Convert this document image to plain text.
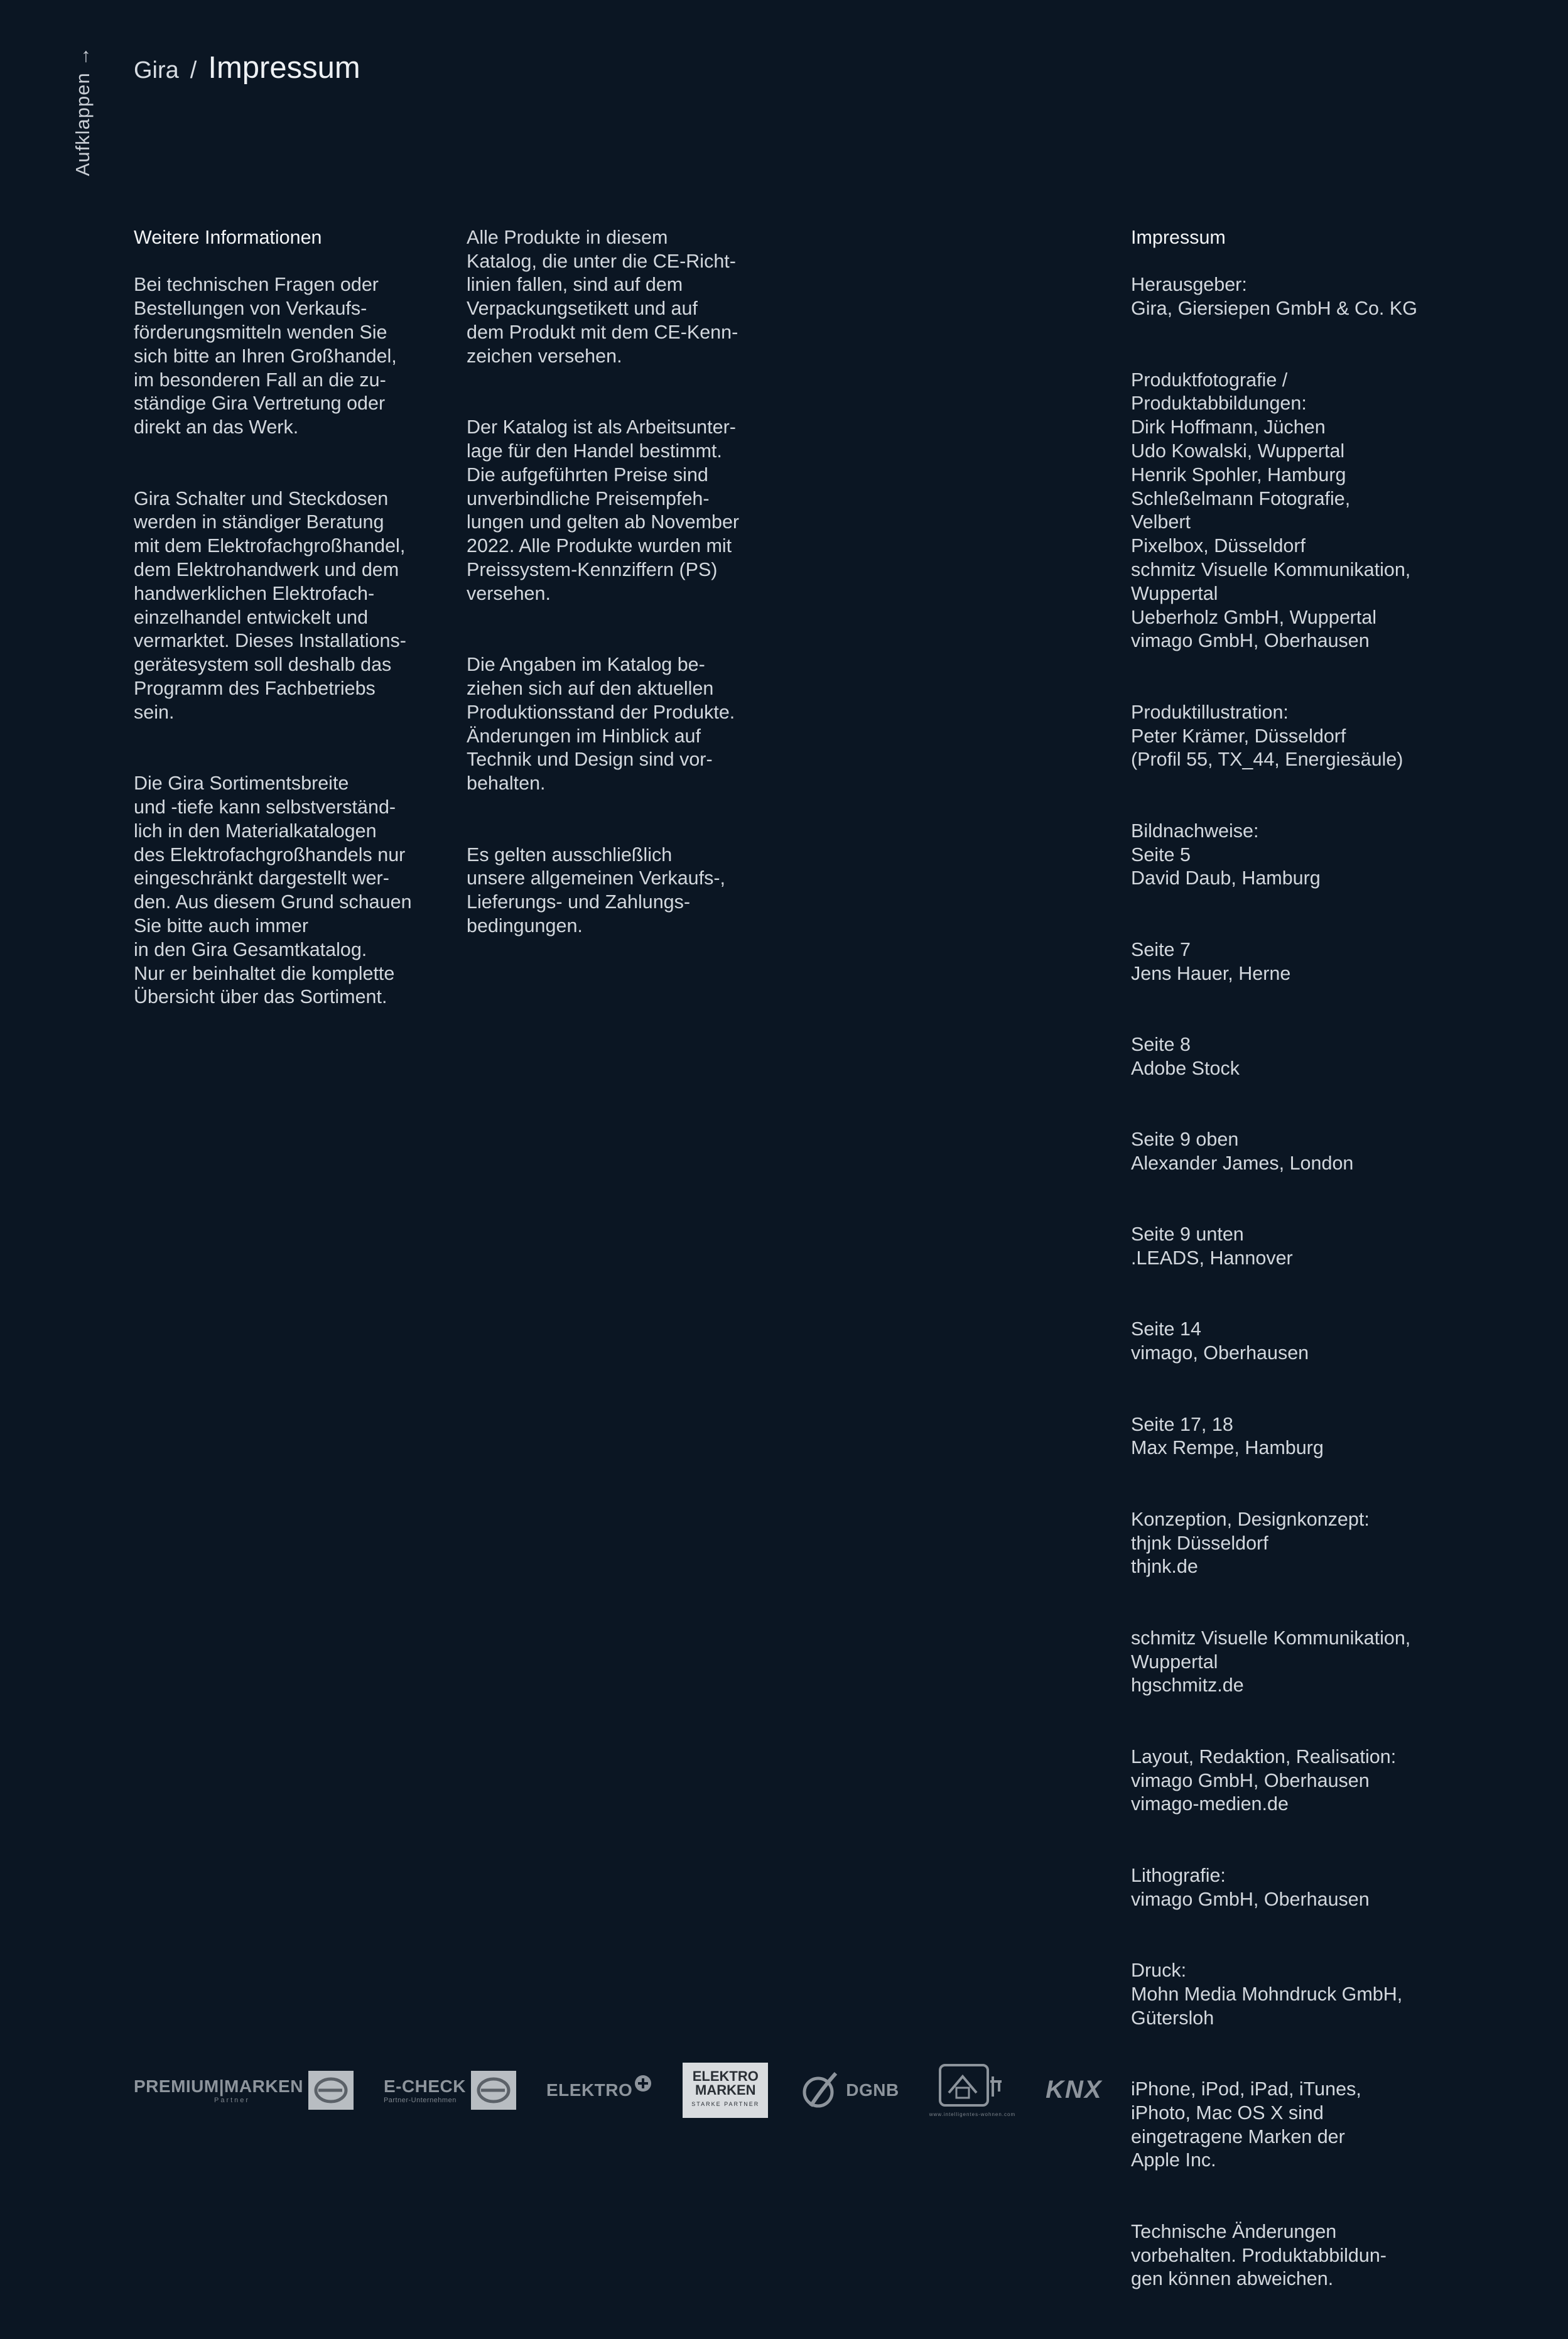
Aufklappen → Gira / Impressum

Weitere Informationen

Bei technischen Fragen oder
Bestellungen von Verkaufs-
förderungsmitteln wenden Sie
sich bitte an Ihren Großhandel,
im besonderen Fall an die zu-
ständige Gira Vertretung oder
direkt an das Werk.

Gira Schalter und Steckdosen
werden in ständiger Beratung
mit dem Elektrofachgroßhandel,
dem Elektrohandwerk und dem
handwerklichen Elektrofach-
einzelhandel entwickelt und
vermarktet. Dieses Installations-
gerätesystem soll deshalb das
Programm des Fachbetriebs
sein.

Die Gira Sortimentsbreite
und -tiefe kann selbstverständ-
lich in den Materialkatalogen
des Elektrofachgroßhandels nur
eingeschränkt dargestellt wer-
den. Aus diesem Grund schauen
Sie bitte auch immer
in den Gira Gesamtkatalog.
Nur er beinhaltet die komplette
Übersicht über das Sortiment.

Alle Produkte in diesem
Katalog, die unter die CE-Richt-
linien fallen, sind auf dem
Verpackungsetikett und auf
dem Produkt mit dem CE-Kenn-
zeichen versehen.

Der Katalog ist als Arbeitsunter-
lage für den Handel bestimmt.
Die aufgeführten Preise sind
unverbindliche Preisempfeh-
lungen und gelten ab November
2022. Alle Produkte wurden mit
Preissystem-Kennziffern (PS)
versehen.

Die Angaben im Katalog be-
ziehen sich auf den aktuellen
Produktionsstand der Produkte.
Änderungen im Hinblick auf
Technik und Design sind vor-
behalten.

Es gelten ausschließlich
unsere allgemeinen Verkaufs-,
Lieferungs- und Zahlungs-
bedingungen.

Impressum

Herausgeber:
Gira, Giersiepen GmbH & Co. KG

Produktfotografie /
Produktabbildungen:
Dirk Hoffmann, Jüchen
Udo Kowalski, Wuppertal
Henrik Spohler, Hamburg
Schleßelmann Fotografie,
Velbert
Pixelbox, Düsseldorf
schmitz Visuelle Kommunikation,
Wuppertal
Ueberholz GmbH, Wuppertal
vimago GmbH, Oberhausen

Produktillustration:
Peter Krämer, Düsseldorf
(Profil 55, TX_44, Energiesäule)

Bildnachweise:
Seite 5
David Daub, Hamburg

Seite 7
Jens Hauer, Herne

Seite 8
Adobe Stock

Seite 9 oben
Alexander James, London

Seite 9 unten
.LEADS, Hannover

Seite 14
vimago, Oberhausen

Seite 17, 18
Max Rempe, Hamburg

Konzeption, Designkonzept:
thjnk Düsseldorf
thjnk.de

schmitz Visuelle Kommunikation,
Wuppertal
hgschmitz.de

Layout, Redaktion, Realisation:
vimago GmbH, Oberhausen
vimago-medien.de

Lithografie:
vimago GmbH, Oberhausen

Druck:
Mohn Media Mohndruck GmbH,
Gütersloh

iPhone, iPod, iPad, iTunes,
iPhoto, Mac OS X sind
eingetragene Marken der
Apple Inc.

Technische Änderungen
vorbehalten. Produktabbildun-
gen können abweichen.

PREMIUM|MARKEN
Partner
E-CHECK
Partner-Unternehmen
ELEKTRO
ELEKTRO
MARKEN
STARKE PARTNER
DGNB
www.intelligentes-wohnen.com
KNX
